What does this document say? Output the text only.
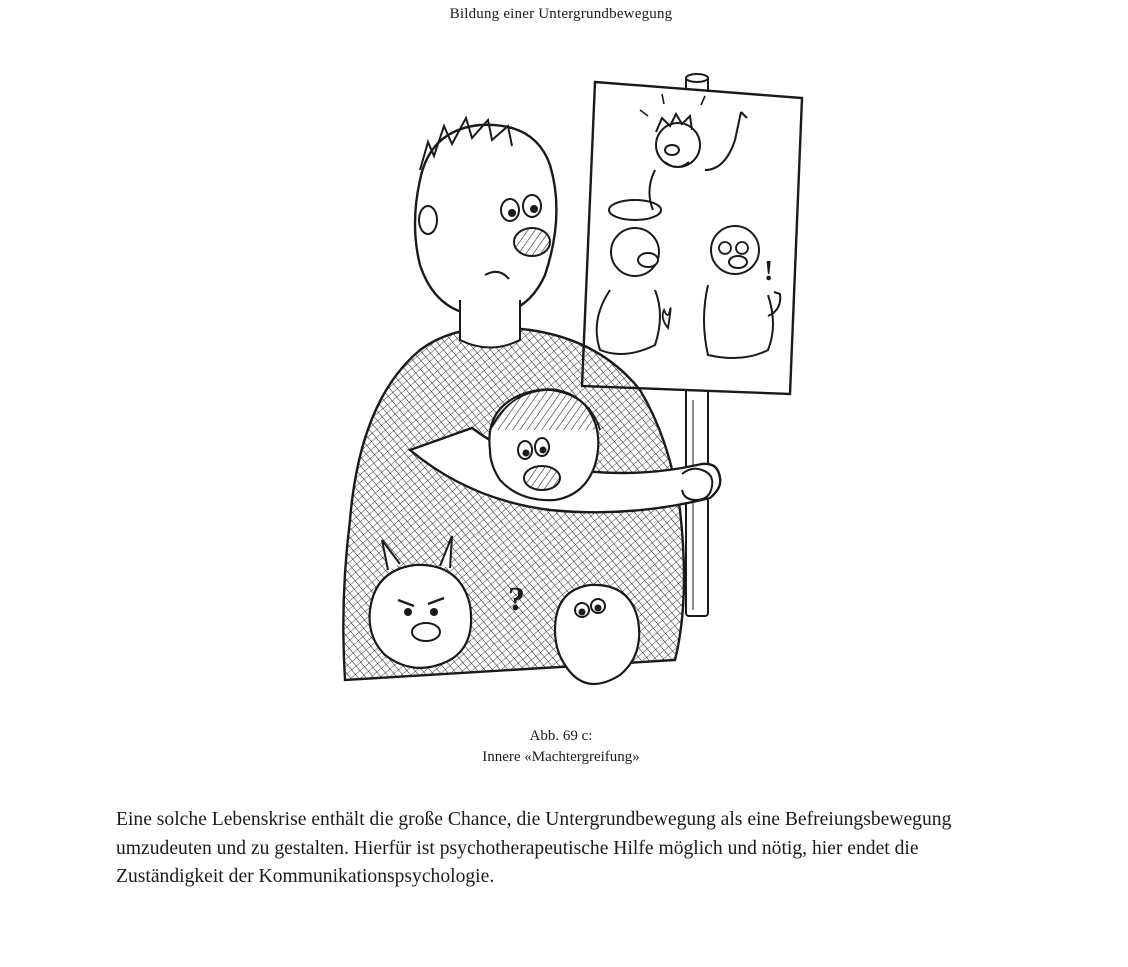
Bildung einer Untergrundbewegung
!
?
Abb. 69 c:
Innere «Machtergreifung»

Eine solche Lebenskrise enthält die große Chance, die Untergrundbewegung als eine Befreiungsbewegung umzudeuten und zu gestalten. Hierfür ist psychotherapeutische Hilfe möglich und nötig, hier endet die Zuständigkeit der Kommunikationspsychologie.
